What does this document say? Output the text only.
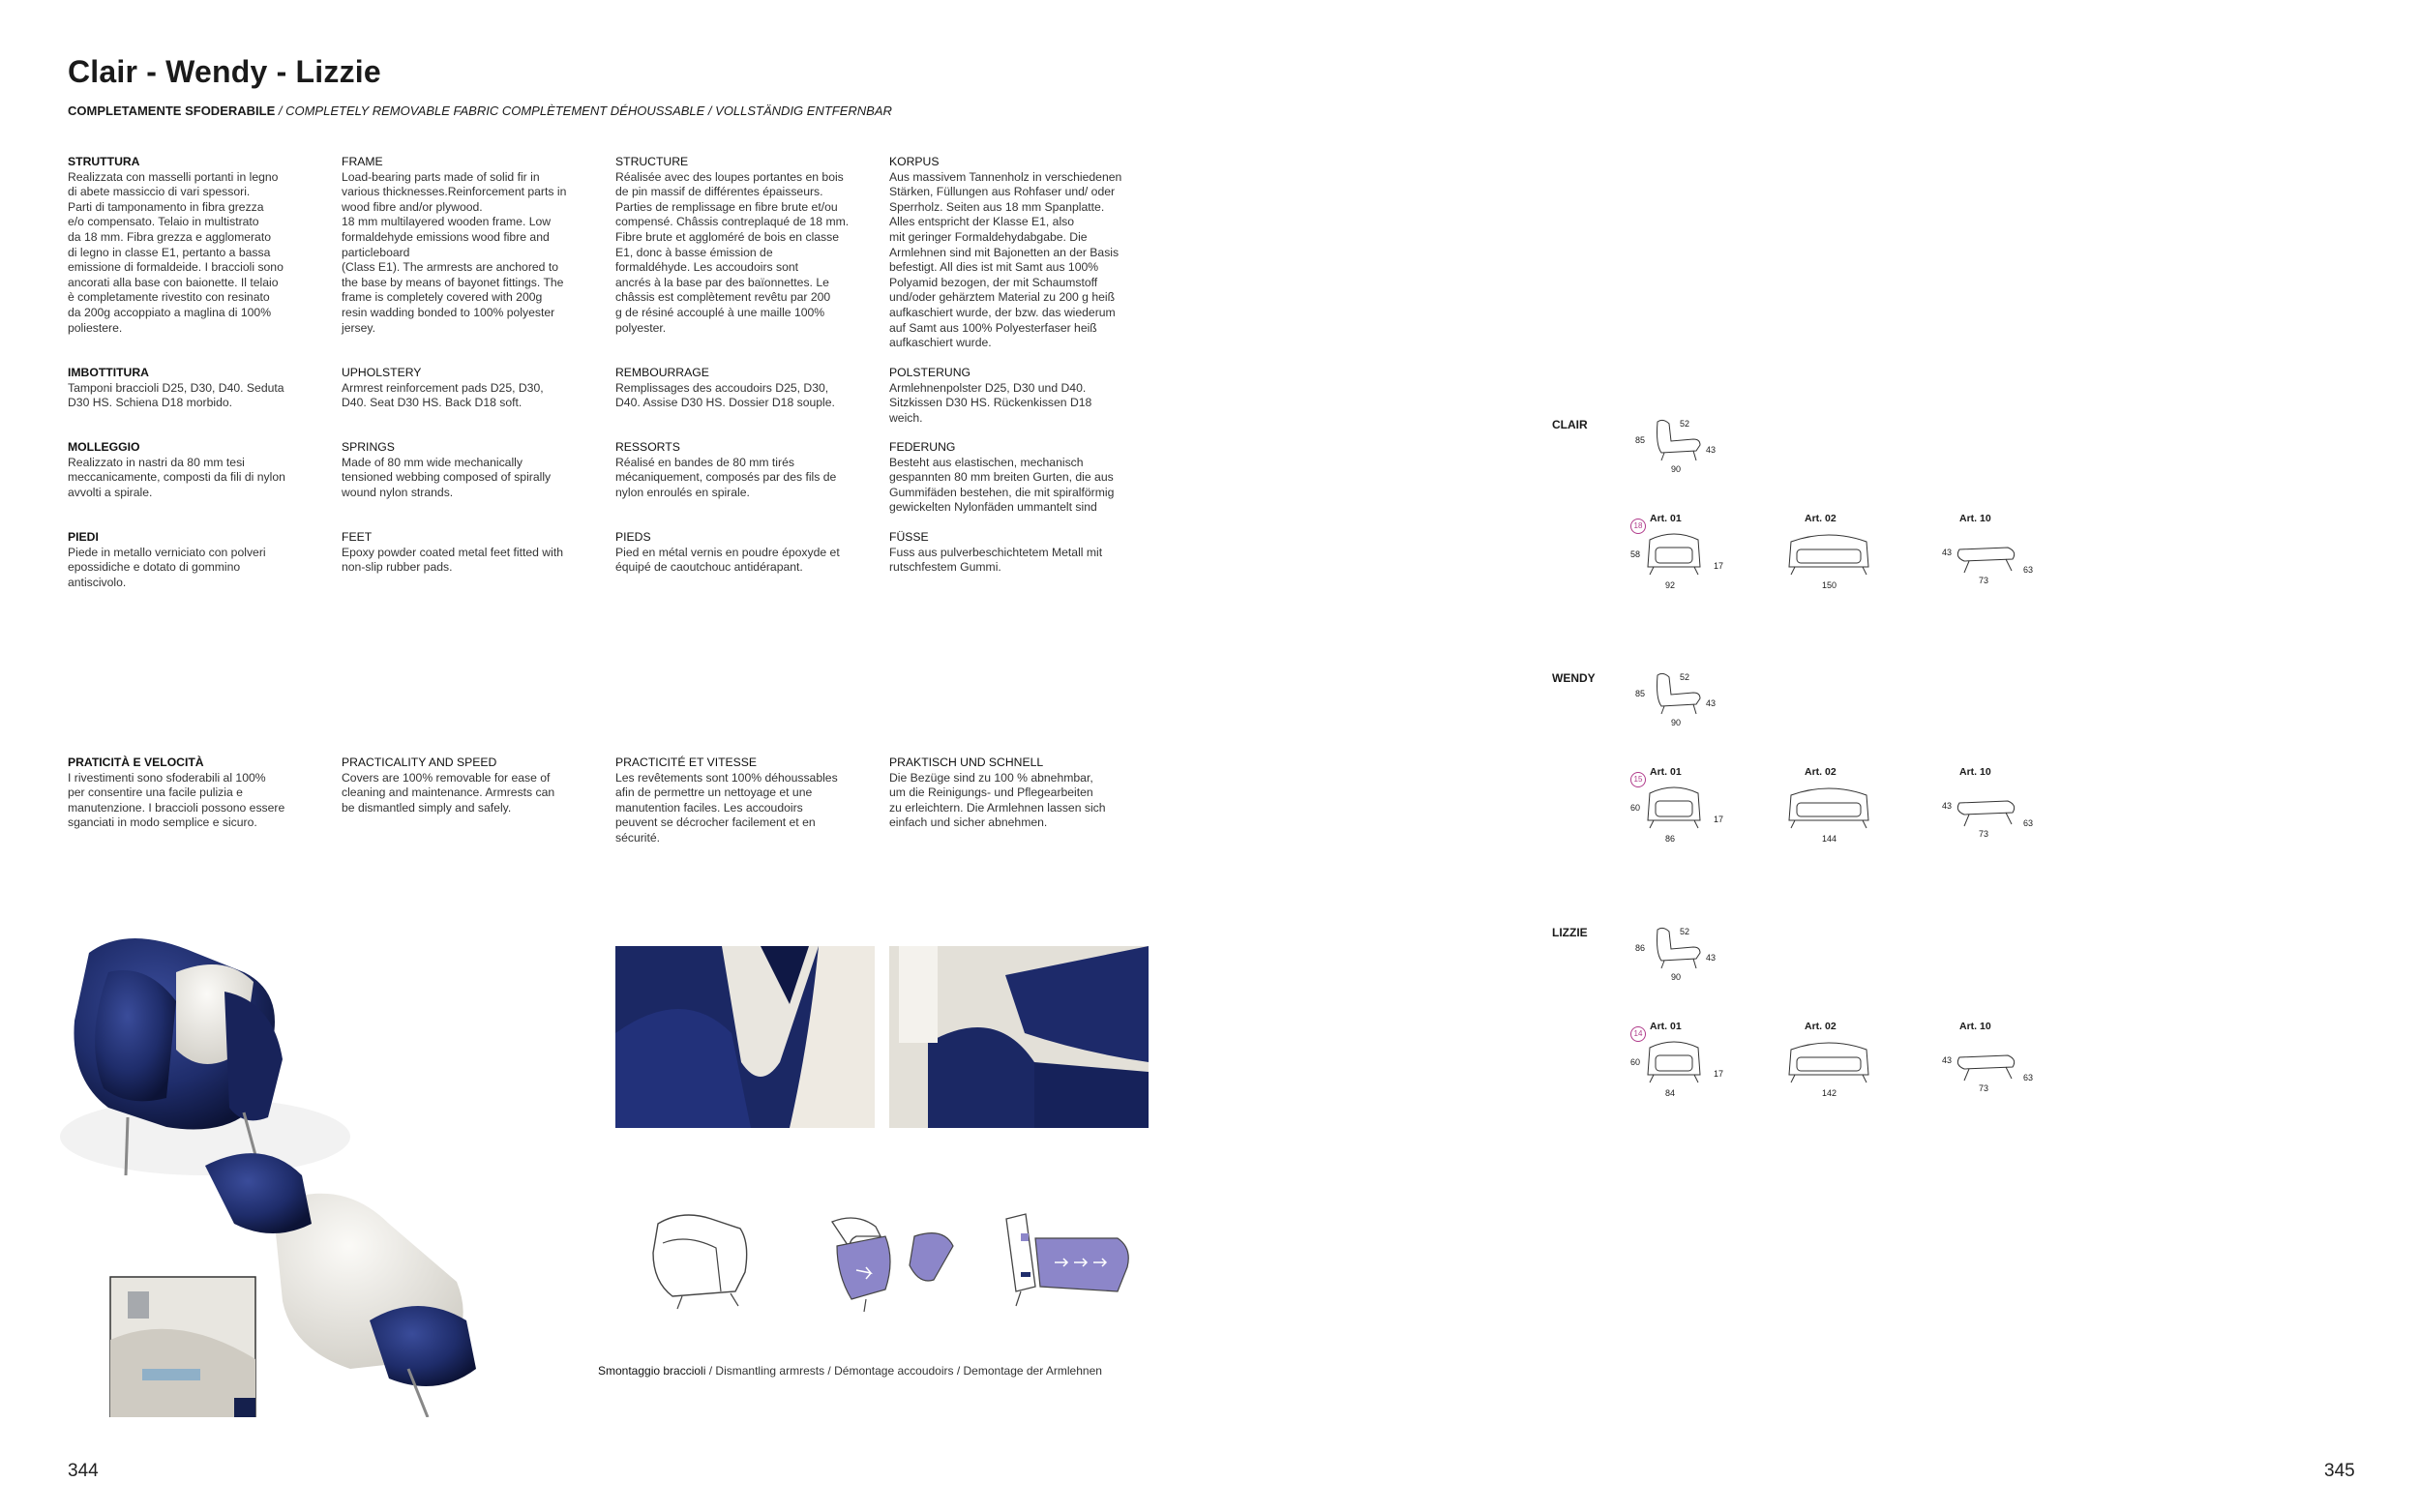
Clair - Wendy - Lizzie
COMPLETAMENTE SFODERABILE / COMPLETELY REMOVABLE FABRIC COMPLÈTEMENT DÉHOUSSABLE / VOLLSTÄNDIG ENTFERNBAR
STRUTTURA
Realizzata con masselli portanti in legno
di abete massiccio di vari spessori.
Parti di tamponamento in fibra grezza
e/o compensato. Telaio in multistrato
da 18 mm. Fibra grezza e agglomerato
di legno in classe E1, pertanto a bassa
emissione di formaldeide. I braccioli sono
ancorati alla base con baionette. Il telaio
è completamente rivestito con resinato
da 200g accoppiato a maglina di 100%
poliestere.
FRAME
Load-bearing parts made of solid fir in
various thicknesses.Reinforcement parts in
wood fibre and/or plywood.
18 mm multilayered wooden frame. Low
formaldehyde emissions wood fibre and
particleboard
(Class E1). The armrests are anchored to
the base by means of bayonet fittings. The
frame is completely covered with 200g
resin wadding bonded to 100% polyester
jersey.
STRUCTURE
Réalisée avec des loupes portantes en bois
de pin massif de différentes épaisseurs.
Parties de remplissage en fibre brute et/ou
compensé. Châssis contreplaqué de 18 mm.
Fibre brute et aggloméré de bois en classe
E1, donc à basse émission de
formaldéhyde. Les accoudoirs sont
ancrés à la base par des baïonnettes. Le
châssis est complètement revêtu par 200
g de résiné accouplé à une maille 100%
polyester.
KORPUS
Aus massivem Tannenholz in verschiedenen
Stärken, Füllungen aus Rohfaser und/ oder
Sperrholz. Seiten aus 18 mm Spanplatte.
Alles entspricht der Klasse E1, also
mit geringer Formaldehydabgabe. Die
Armlehnen sind mit Bajonetten an der Basis
befestigt. All dies ist mit Samt aus 100%
Polyamid bezogen, der mit Schaumstoff
und/oder gehärztem Material zu 200 g heiß
aufkaschiert wurde, der bzw. das wiederum
auf Samt aus 100% Polyesterfaser heiß
aufkaschiert wurde.
IMBOTTITURA
Tamponi braccioli D25, D30, D40. Seduta
D30 HS. Schiena D18 morbido.
UPHOLSTERY
Armrest reinforcement pads D25, D30,
D40. Seat D30 HS. Back D18 soft.
REMBOURRAGE
Remplissages des accoudoirs D25, D30,
D40. Assise D30 HS. Dossier D18 souple.
POLSTERUNG
Armlehnenpolster D25, D30 und D40.
Sitzkissen D30 HS. Rückenkissen D18
weich.
MOLLEGGIO
Realizzato in nastri da 80 mm tesi
meccanicamente, composti da fili di nylon
avvolti a spirale.
SPRINGS
Made of 80 mm wide mechanically
tensioned webbing composed of spirally
wound nylon strands.
RESSORTS
Réalisé en bandes de 80 mm tirés
mécaniquement, composés par des fils de
nylon enroulés en spirale.
FEDERUNG
Besteht aus elastischen, mechanisch
gespannten 80 mm breiten Gurten, die aus
Gummifäden bestehen, die mit spiralförmig
gewickelten Nylonfäden ummantelt sind
PIEDI
Piede in metallo verniciato con polveri
epossidiche e dotato di gommino
antiscivolo.
FEET
Epoxy powder coated metal feet fitted with
non-slip rubber pads.
PIEDS
Pied en métal vernis en poudre époxyde et
équipé de caoutchouc antidérapant.
FÜSSE
Fuss aus pulverbeschichtetem Metall mit
rutschfestem Gummi.
PRATICITÀ E VELOCITÀ
I rivestimenti sono sfoderabili al 100%
per consentire una facile pulizia e
manutenzione. I braccioli possono essere
sganciati in modo semplice e sicuro.
PRACTICALITY AND SPEED
Covers are 100% removable for ease of
cleaning and maintenance. Armrests can
be dismantled simply and safely.
PRACTICITÉ ET VITESSE
Les revêtements sont 100% déhoussables
afin de permettre un nettoyage et une
manutention faciles. Les accoudoirs
peuvent se décrocher facilement et en
sécurité.
PRAKTISCH UND SCHNELL
Die Bezüge sind zu 100 % abnehmbar,
um die Reinigungs- und Pflegearbeiten
zu erleichtern. Die Armlehnen lassen sich
einfach und sicher abnehmen.
Smontaggio braccioli / Dismantling armrests / Démontage accoudoirs / Demontage der Armlehnen
344	345
CLAIR	52
85
43
90
Art. 01
18
58
92
17
Art. 02
150
Art. 10
43
73
63
WENDY	52
85
43
90
Art. 01
15
60
86
17
Art. 02
144
Art. 10
43
73
63
LIZZIE	52
86
43
90
Art. 01
14
60
84
17
Art. 02
142
Art. 10
43
73
63
